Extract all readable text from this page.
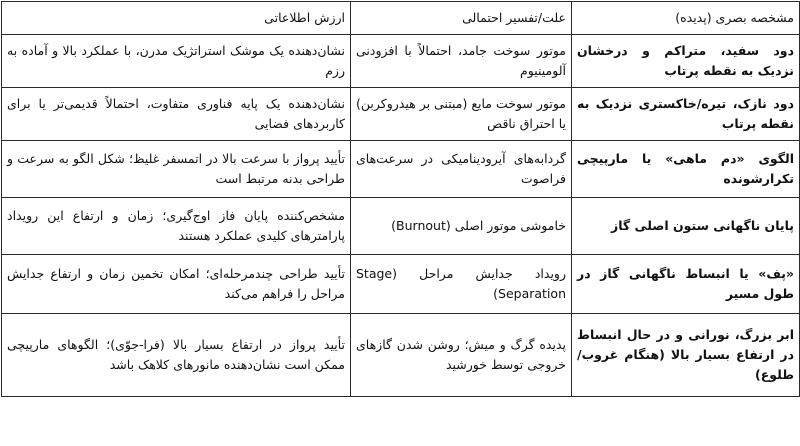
مشخصه بصری (پدیده)	علت/تفسیر احتمالی	ارزش اطلاعاتی
دود سفید، متراکم و درخشان نزدیک به نقطه پرتاب	موتور سوخت جامد، احتمالاً با افزودنی آلومینیوم	نشان‌دهنده یک موشک استراتژیک مدرن، با عملکرد بالا و آماده به رزم
دود نازک، تیره/خاکستری نزدیک به نقطه پرتاب	موتور سوخت مایع (مبتنی بر هیدروکربن) یا احتراق ناقص	نشان‌دهنده یک پایه فناوری متفاوت، احتمالاً قدیمی‌تر یا برای کاربردهای فضایی
الگوی «دم ماهی» یا مارپیچی تکرارشونده	گردابه‌های آیرودینامیکی در سرعت‌های فراصوت	تأیید پرواز با سرعت بالا در اتمسفر غلیظ؛ شکل الگو به سرعت و طراحی بدنه مرتبط است
پایان ناگهانی ستون اصلی گاز	خاموشی موتور اصلی (Burnout)	مشخص‌کننده پایان فاز اوج‌گیری؛ زمان و ارتفاع این رویداد پارامترهای کلیدی عملکرد هستند
«پف» یا انبساط ناگهانی گاز در طول مسیر	رویداد جدایش مراحل (Stage Separation)	تأیید طراحی چندمرحله‌ای؛ امکان تخمین زمان و ارتفاع جدایش مراحل را فراهم می‌کند
ابر بزرگ، نورانی و در حال انبساط در ارتفاع بسیار بالا (هنگام غروب/طلوع)	پدیده گرگ و میش؛ روشن شدن گازهای خروجی توسط خورشید	تأیید پرواز در ارتفاع بسیار بالا (فرا-جوّی)؛ الگوهای مارپیچی ممکن است نشان‌دهنده مانورهای کلاهک باشد
